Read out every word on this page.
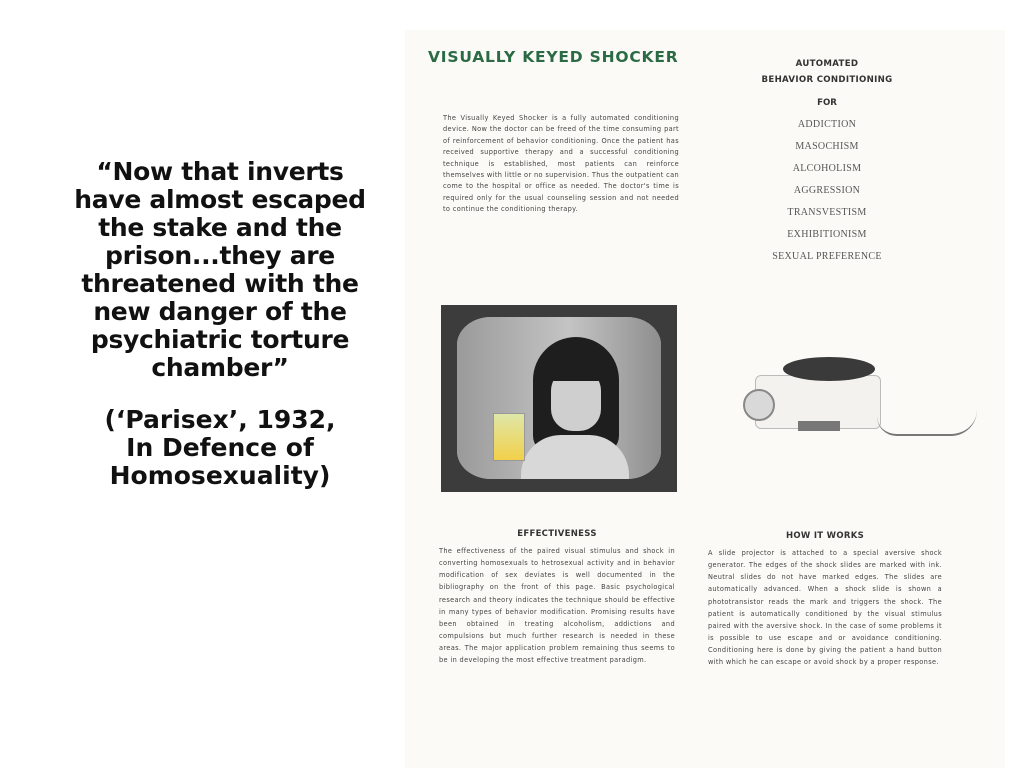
“Now that inverts have almost escaped the stake and the prison...they are threatened with the new danger of the psychiatric torture chamber”

(‘Parisex’, 1932,
In Defence of
Homosexuality)
VISUALLY KEYED SHOCKER

The Visually Keyed Shocker is a fully automated conditioning device. Now the doctor can be freed of the time consuming part of reinforcement of behavior conditioning. Once the patient has received supportive therapy and a successful conditioning technique is established, most patients can reinforce themselves with little or no supervision. Thus the outpatient can come to the hospital or office as needed. The doctor's time is required only for the usual counseling session and not needed to continue the conditioning therapy.

AUTOMATED
BEHAVIOR CONDITIONING
FOR
ADDICTION
MASOCHISM
ALCOHOLISM
AGGRESSION
TRANSVESTISM
EXHIBITIONISM
SEXUAL PREFERENCE
EFFECTIVENESS

The effectiveness of the paired visual stimulus and shock in converting homosexuals to hetrosexual activity and in behavior modification of sex deviates is well documented in the bibliography on the front of this page. Basic psychological research and theory indicates the technique should be effective in many types of behavior modification. Promising results have been obtained in treating alcoholism, addictions and compulsions but much further research is needed in these areas. The major application problem remaining thus seems to be in developing the most effective treatment paradigm.

HOW IT WORKS

A slide projector is attached to a special aversive shock generator. The edges of the shock slides are marked with ink. Neutral slides do not have marked edges. The slides are automatically advanced. When a shock slide is shown a phototransistor reads the mark and triggers the shock. The patient is automatically conditioned by the visual stimulus paired with the aversive shock. In the case of some problems it is possible to use escape and or avoidance conditioning. Conditioning here is done by giving the patient a hand button with which he can escape or avoid shock by a proper response.
